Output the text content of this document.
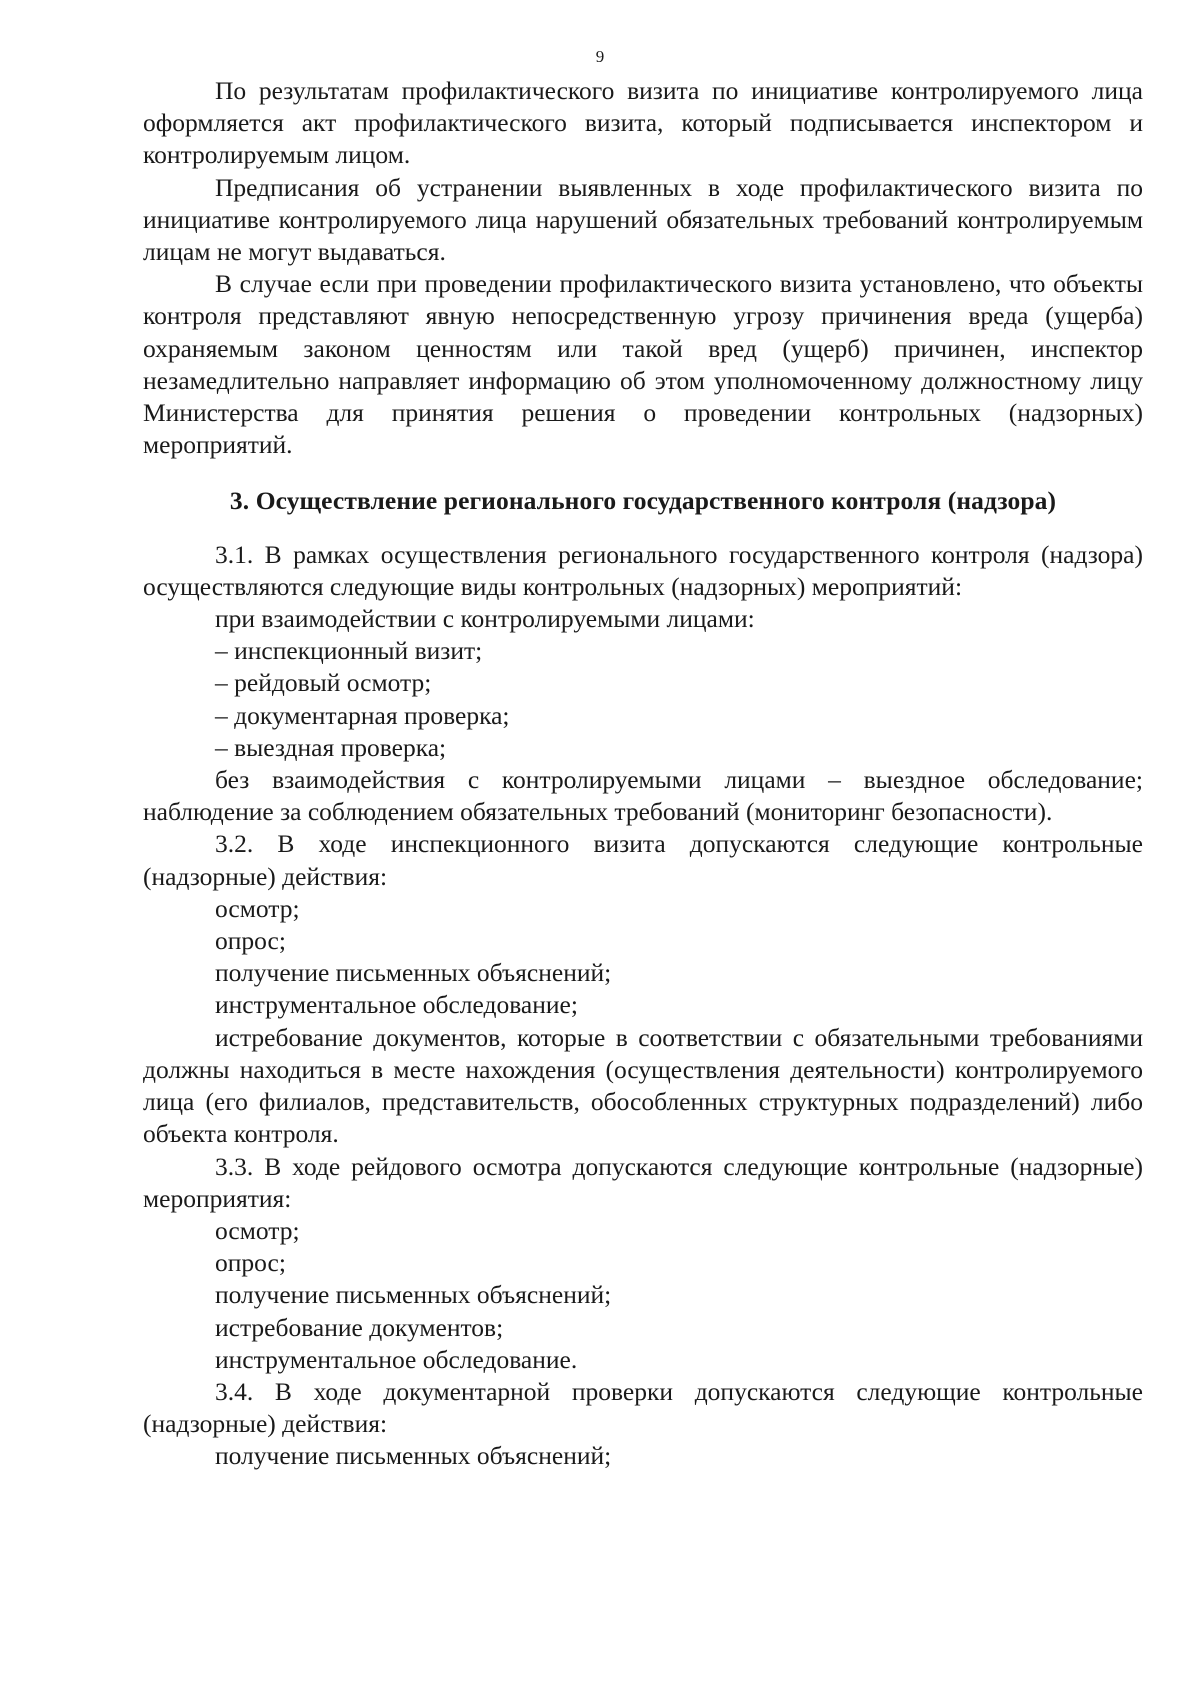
9

По результатам профилактического визита по инициативе контролируемого лица оформляется акт профилактического визита, который подписывается инспектором и контролируемым лицом.

Предписания об устранении выявленных в ходе профилактического визита по инициативе контролируемого лица нарушений обязательных требований контролируемым лицам не могут выдаваться.

В случае если при проведении профилактического визита установлено, что объекты контроля представляют явную непосредственную угрозу причинения вреда (ущерба) охраняемым законом ценностям или такой вред (ущерб) причинен, инспектор незамедлительно направляет информацию об этом уполномоченному должностному лицу Министерства для принятия решения о проведении контрольных (надзорных) мероприятий.

3. Осуществление регионального государственного контроля (надзора)

3.1. В рамках осуществления регионального государственного контроля (надзора) осуществляются следующие виды контрольных (надзорных) мероприятий:

при взаимодействии с контролируемыми лицами:

– инспекционный визит;

– рейдовый осмотр;

– документарная проверка;

– выездная проверка;

без взаимодействия с контролируемыми лицами – выездное обследование; наблюдение за соблюдением обязательных требований (мониторинг безопасности).

3.2. В ходе инспекционного визита допускаются следующие контрольные (надзорные) действия:

осмотр;

опрос;

получение письменных объяснений;

инструментальное обследование;

истребование документов, которые в соответствии с обязательными требованиями должны находиться в месте нахождения (осуществления деятельности) контролируемого лица (его филиалов, представительств, обособленных структурных подразделений) либо объекта контроля.

3.3. В ходе рейдового осмотра допускаются следующие контрольные (надзорные) мероприятия:

осмотр;

опрос;

получение письменных объяснений;

истребование документов;

инструментальное обследование.

3.4. В ходе документарной проверки допускаются следующие контрольные (надзорные) действия:

получение письменных объяснений;
